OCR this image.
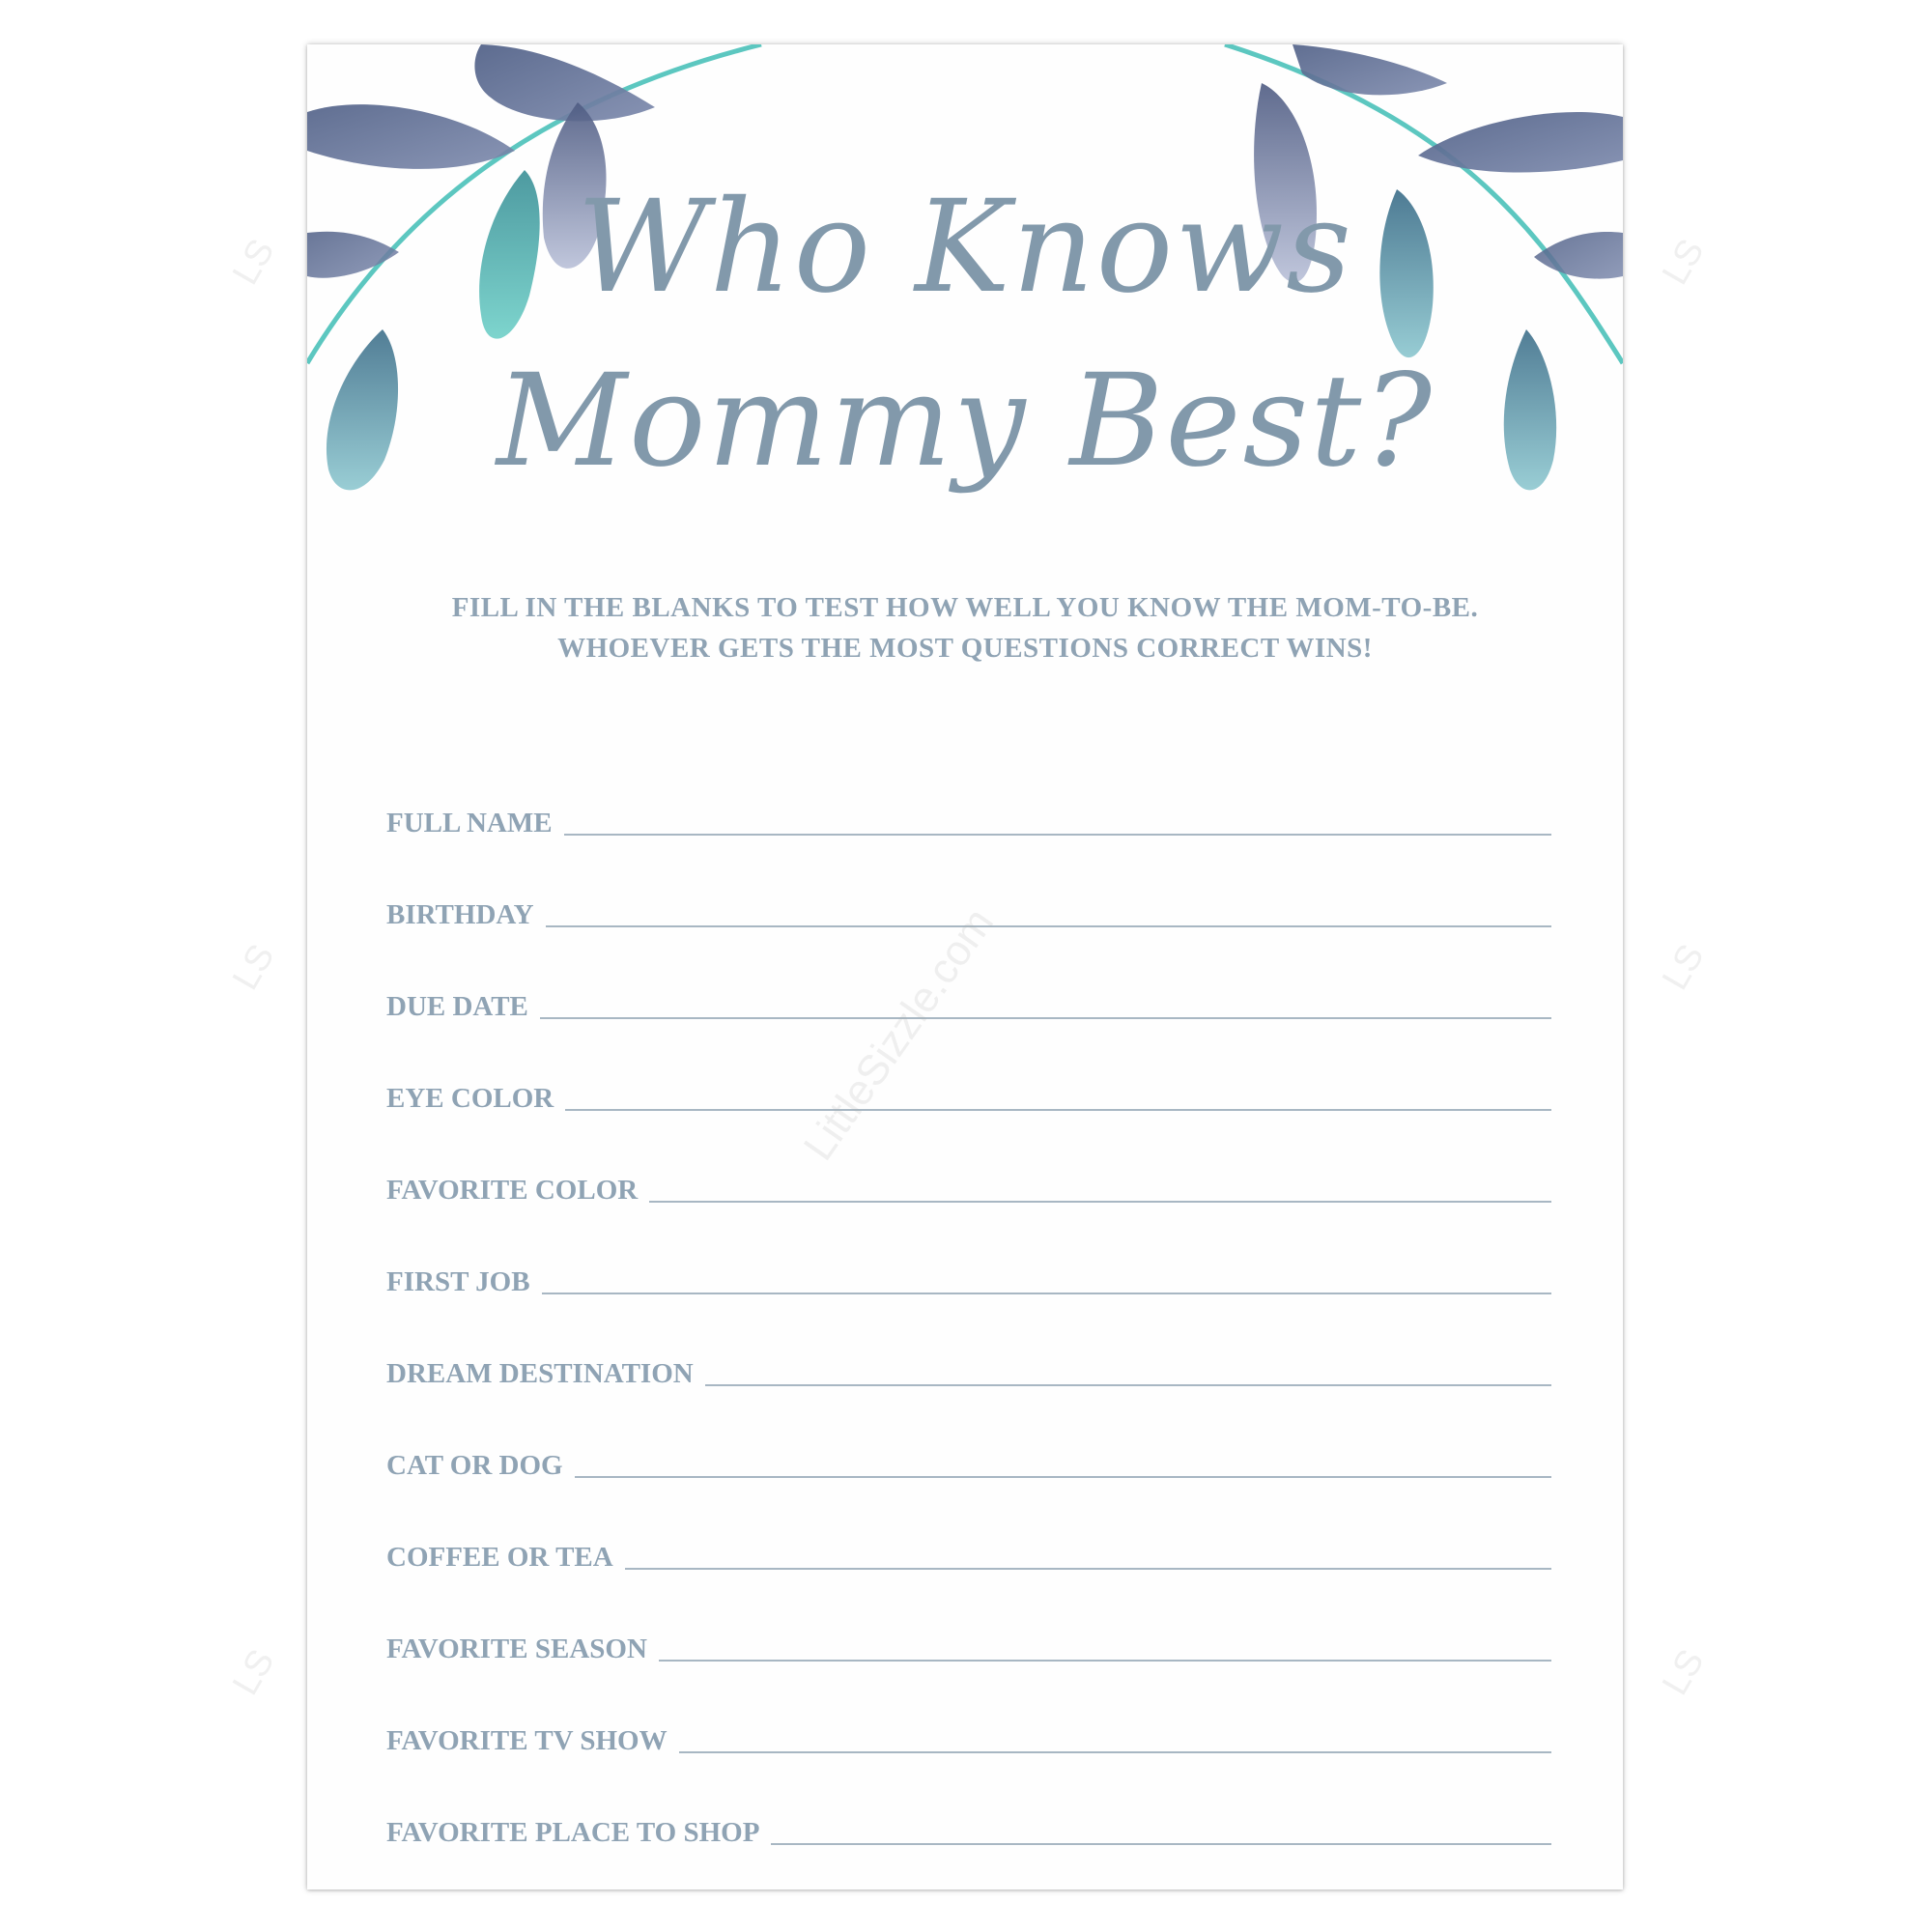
Who Knows
Mommy Best?
FILL IN THE BLANKS TO TEST HOW WELL YOU KNOW THE MOM-TO-BE.
WHOEVER GETS THE MOST QUESTIONS CORRECT WINS!
FULL NAME
BIRTHDAY
DUE DATE
EYE COLOR
FAVORITE COLOR
FIRST JOB
DREAM DESTINATION
CAT OR DOG
COFFEE OR TEA
FAVORITE SEASON
FAVORITE TV SHOW
FAVORITE PLACE TO SHOP
LittleSizzle.com
LS	LS
LS	LS
LS	LS
